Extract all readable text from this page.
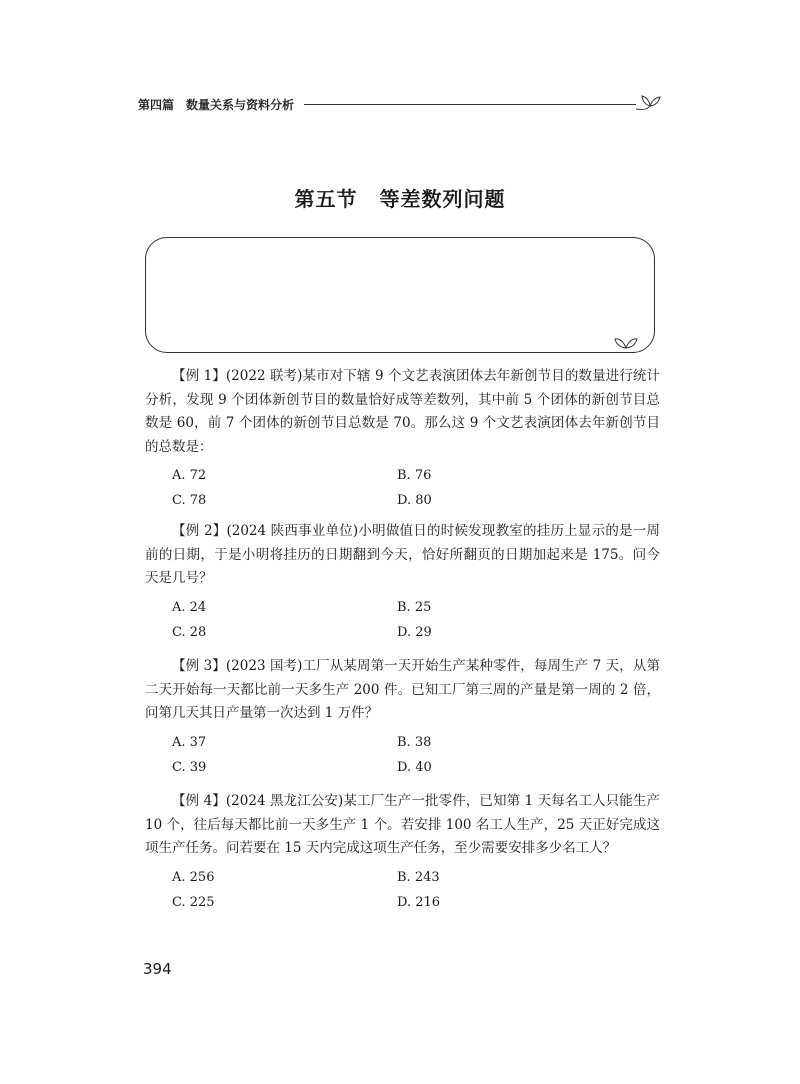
第四篇 数量关系与资料分析
第五节 等差数列问题

【例 1】(2022 联考)某市对下辖 9 个文艺表演团体去年新创节目的数量进行统计分析，发现 9 个团体新创节目的数量恰好成等差数列，其中前 5 个团体的新创节目总数是 60，前 7 个团体的新创节目总数是 70。那么这 9 个文艺表演团体去年新创节目的总数是：

A. 72	B. 76
C. 78	D. 80

【例 2】(2024 陕西事业单位)小明做值日的时候发现教室的挂历上显示的是一周前的日期，于是小明将挂历的日期翻到今天，恰好所翻页的日期加起来是 175。问今天是几号？

A. 24	B. 25
C. 28	D. 29

【例 3】(2023 国考)工厂从某周第一天开始生产某种零件，每周生产 7 天，从第二天开始每一天都比前一天多生产 200 件。已知工厂第三周的产量是第一周的 2 倍，问第几天其日产量第一次达到 1 万件？

A. 37	B. 38
C. 39	D. 40

【例 4】(2024 黑龙江公安)某工厂生产一批零件，已知第 1 天每名工人只能生产 10 个，往后每天都比前一天多生产 1 个。若安排 100 名工人生产，25 天正好完成这项生产任务。问若要在 15 天内完成这项生产任务，至少需要安排多少名工人？

A. 256	B. 243
C. 225	D. 216
394
